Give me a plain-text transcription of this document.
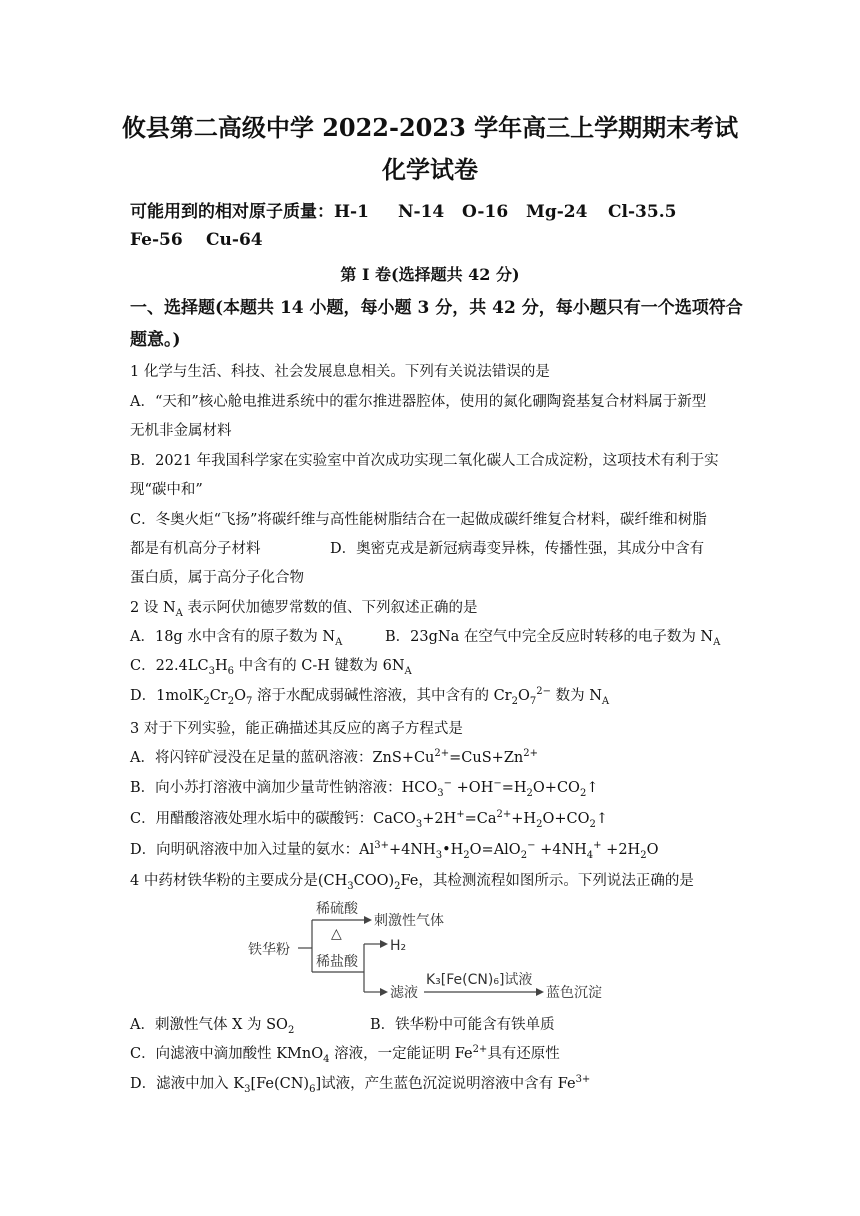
攸县第二高级中学 2022-2023 学年高三上学期期末考试
化学试卷
可能用到的相对原子质量：H-1 N-14 O-16 Mg-24 Cl-35.5
Fe-56 Cu-64
第 I 卷(选择题共 42 分)
一、选择题(本题共 14 小题，每小题 3 分，共 42 分，每小题只有一个选项符合
题意。)
1 化学与生活、科技、社会发展息息相关。下列有关说法错误的是
A．“天和”核心舱电推进系统中的霍尔推进器腔体，使用的氮化硼陶瓷基复合材料属于新型
无机非金属材料
B．2021 年我国科学家在实验室中首次成功实现二氧化碳人工合成淀粉，这项技术有利于实
现“碳中和”
C．冬奥火炬“飞扬”将碳纤维与高性能树脂结合在一起做成碳纤维复合材料，碳纤维和树脂
都是有机高分子材料	D．奥密克戎是新冠病毒变异株，传播性强，其成分中含有
蛋白质，属于高分子化合物
2 设 $N_A$ 表示阿伏加德罗常数的值、下列叙述正确的是
A．18g 水中含有的原子数为 $N_A$	B．23gNa 在空气中完全反应时转移的电子数为 $N_A$
C．$22.4LC_3H_6$ 中含有的 C-H 键数为 $6N_A$
D．$1molK_2Cr_2O_7$ 溶于水配成弱碱性溶液，其中含有的 $Cr_2O_7^{2-}$ 数为 $N_A$
3 对于下列实验，能正确描述其反应的离子方程式是
A．将闪锌矿浸没在足量的蓝矾溶液：$ZnS+Cu^{2+}=CuS+Zn^{2+}$
B．向小苏打溶液中滴加少量苛性钠溶液：$HCO_3^-$ $+OH^-=H_2O+CO_2↑$
C．用醋酸溶液处理水垢中的碳酸钙：$CaCO_3+2H^+=Ca^{2+}+H_2O+CO_2↑$
D．向明矾溶液中加入过量的氨水：$Al^{3+}+4NH_3•H_2O=AlO_2^- +4NH_4^+ +2H_2O$
4 中药材铁华粉的主要成分是$(CH_3COO)_2Fe$，其检测流程如图所示。下列说法正确的是
铁华粉
稀硫酸
△
刺激性气体
稀盐酸
H₂
滤液
K₃[Fe(CN)₆]试液
蓝色沉淀
A．刺激性气体 X 为 $SO_2$	B．铁华粉中可能含有铁单质
C．向滤液中滴加酸性 KMnO$_4$ 溶液，一定能证明 $Fe^{2+}$具有还原性
D．滤液中加入 $K_3[Fe(CN)_6]$试液，产生蓝色沉淀说明溶液中含有 $Fe^{3+}$
